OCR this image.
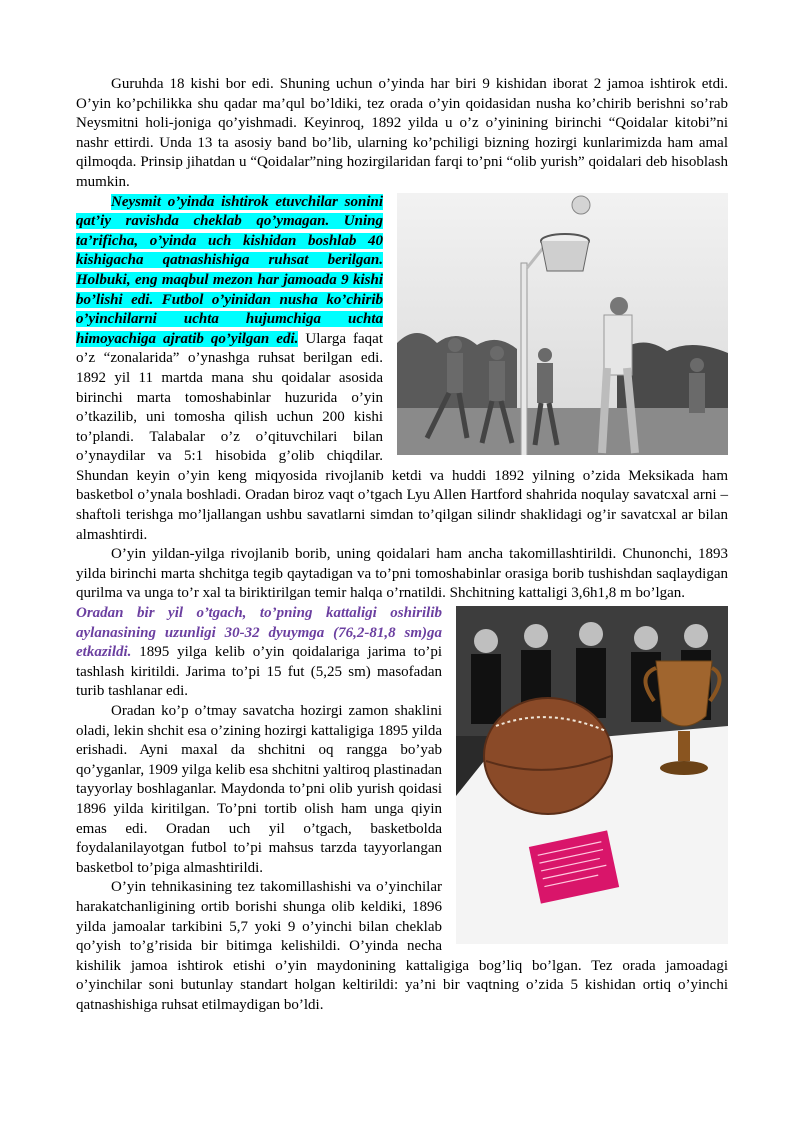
Guruhda 18 kishi bor edi. Shuning uchun o’yinda har biri 9 kishidan iborat 2 jamoa ishtirok etdi. O’yin ko’pchilikka shu qadar ma’qul bo’ldiki, tez orada o’yin qoidasidan nusha ko’chirib berishni so’rab Neysmitni holi-joniga qo’yishmadi. Keyinroq, 1892 yilda u o’z o’yinining birinchi “Qoidalar kitobi”ni nashr ettirdi. Unda 13 ta asosiy band bo’lib, ularning ko’pchiligi bizning hozirgi kunlarimizda ham amal qilmoqda. Prinsip jihatdan u “Qoidalar”ning hozirgilaridan farqi to’pni “olib yurish” qoidalari deb hisoblash mumkin.

Neysmit o’yinda ishtirok etuvchilar sonini qat’iy ravishda cheklab qo’ymagan. Uning ta’rificha, o’yinda uch kishidan boshlab 40 kishigacha qatnashishiga ruhsat berilgan. Holbuki, eng maqbul mezon har jamoada 9 kishi bo’lishi edi. Futbol o’yinidan nusha ko’chirib o’yinchilarni uchta hujumchiga uchta himoyachiga ajratib qo’yilgan edi. Ularga faqat o’z “zonalarida” o’ynashga ruhsat berilgan edi. 1892 yil 11 martda mana shu qoidalar asosida birinchi marta tomoshabinlar huzurida o’yin o’tkazilib, uni tomosha qilish uchun 200 kishi to’plandi. Talabalar o’z o’qituvchilari bilan o’ynaydilar va 5:1 hisobida g’olib chiqdilar. Shundan keyin o’yin keng miqyosida rivojlanib ketdi va huddi 1892 yilning o’zida Meksikada ham basketbol o’ynala boshladi. Oradan biroz vaqt o’tgach Lyu Allen Hartford shahrida noqulay savatcxal arni – shaftoli terishga mo’ljallangan ushbu savatlarni simdan to’qilgan silindr shaklidagi og’ir savatcxal ar bilan almashtirdi.

O’yin yildan-yilga rivojlanib borib, uning qoidalari ham ancha takomillashtirildi. Chunonchi, 1893 yilda birinchi marta shchitga tegib qaytadigan va to’pni tomoshabinlar orasiga borib tushishdan saqlaydigan qurilma va unga to’r xal ta biriktirilgan temir halqa o’rnatildi. Shchitning kattaligi 3,6h1,8 m bo’lgan.

Oradan bir yil o’tgach, to’pning kattaligi oshirilib aylanasining uzunligi 30-32 dyuymga (76,2-81,8 sm)ga etkazildi. 1895 yilga kelib o’yin qoidalariga jarima to’pi tashlash kiritildi. Jarima to’pi 15 fut (5,25 sm) masofadan turib tashlanar edi.

Oradan ko’p o’tmay savatcha hozirgi zamon shaklini oladi, lekin shchit esa o’zining hozirgi kattaligiga 1895 yilda erishadi. Ayni maxal da shchitni oq rangga bo’yab qo’yganlar, 1909 yilga kelib esa shchitni yaltiroq plastinadan tayyorlay boshlaganlar. Maydonda to’pni olib yurish qoidasi 1896 yilda kiritilgan. To’pni tortib olish ham unga qiyin emas edi. Oradan uch yil o’tgach, basketbolda foydalanilayotgan futbol to’pi mahsus tarzda tayyorlangan basketbol to’piga almashtirildi.

O’yin tehnikasining tez takomillashishi va o’yinchilar harakatchanligining ortib borishi shunga olib keldiki, 1896 yilda jamoalar tarkibini 5,7 yoki 9 o’yinchi bilan cheklab qo’yish to’g’risida bir bitimga kelishildi. O’yinda necha kishilik jamoa ishtirok etishi o’yin maydonining kattaligiga bog’liq bo’lgan. Tez orada jamoadagi o’yinchilar soni butunlay standart holgan keltirildi: ya’ni bir vaqtning o’zida 5 kishidan ortiq o’yinchi qatnashishiga ruhsat etilmaydigan bo’ldi.
